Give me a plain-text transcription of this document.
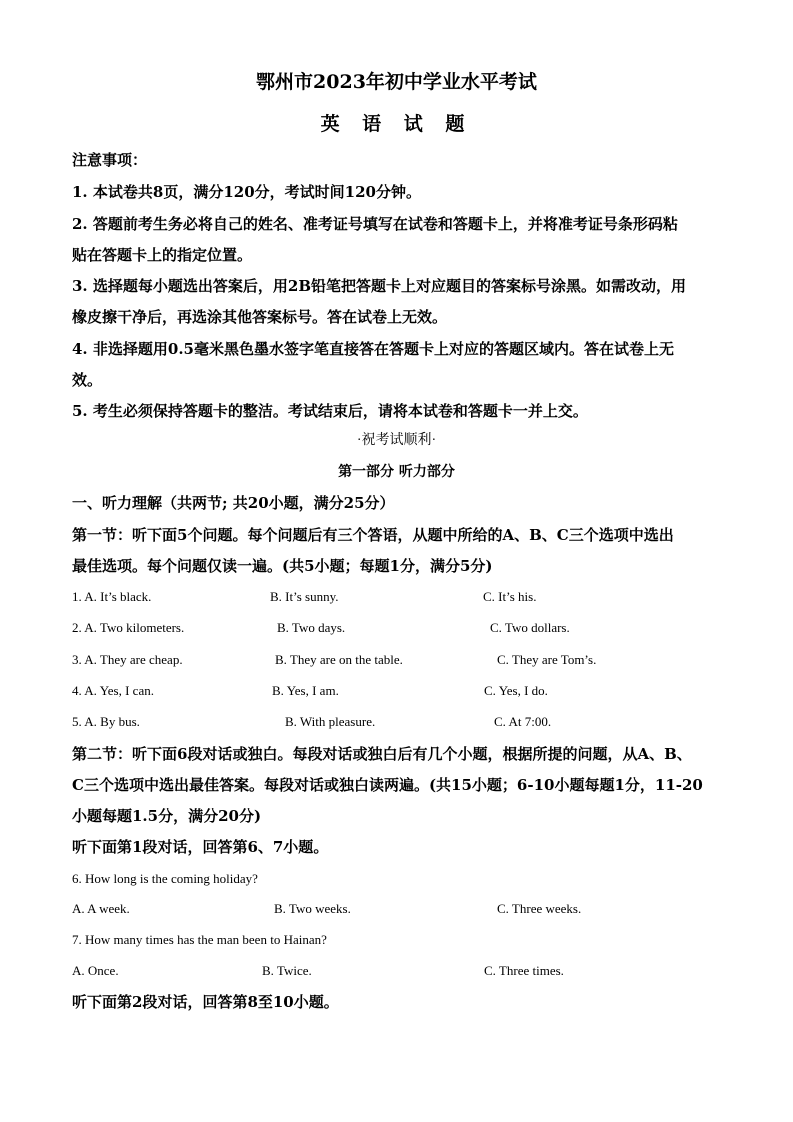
鄂州市2023年初中学业水平考试
英 语 试 题
注意事项：
1. 本试卷共8页，满分120分，考试时间120分钟。
2. 答题前考生务必将自己的姓名、准考证号填写在试卷和答题卡上，并将准考证号条形码粘
贴在答题卡上的指定位置。
3. 选择题每小题选出答案后，用2B铅笔把答题卡上对应题目的答案标号涂黑。如需改动，用
橡皮擦干净后，再选涂其他答案标号。答在试卷上无效。
4. 非选择题用0.5毫米黑色墨水签字笔直接答在答题卡上对应的答题区域内。答在试卷上无
效。
5. 考生必须保持答题卡的整洁。考试结束后，请将本试卷和答题卡一并上交。
·祝考试顺利·
第一部分 听力部分
一、听力理解（共两节; 共20小题，满分25分）
第一节：听下面5个问题。每个问题后有三个答语，从题中所给的A、B、C三个选项中选出
最佳选项。每个问题仅读一遍。(共5小题；每题1分，满分5分)
1. A. It’s black.	B. It’s sunny.	C. It’s his.
2. A. Two kilometers.	B. Two days.	C. Two dollars.
3. A. They are cheap.	B. They are on the table.	C. They are Tom’s.
4. A. Yes, I can.	B. Yes, I am.	C. Yes, I do.
5. A. By bus.	B. With pleasure.	C. At 7:00.
第二节：听下面6段对话或独白。每段对话或独白后有几个小题，根据所提的问题，从A、B、
C三个选项中选出最佳答案。每段对话或独白读两遍。(共15小题；6-10小题每题1分，11-20
小题每题1.5分，满分20分)
听下面第1段对话，回答第6、7小题。
6. How long is the coming holiday?
A. A week.	B. Two weeks.	C. Three weeks.
7. How many times has the man been to Hainan?
A. Once.	B. Twice.	C. Three times.
听下面第2段对话，回答第8至10小题。
